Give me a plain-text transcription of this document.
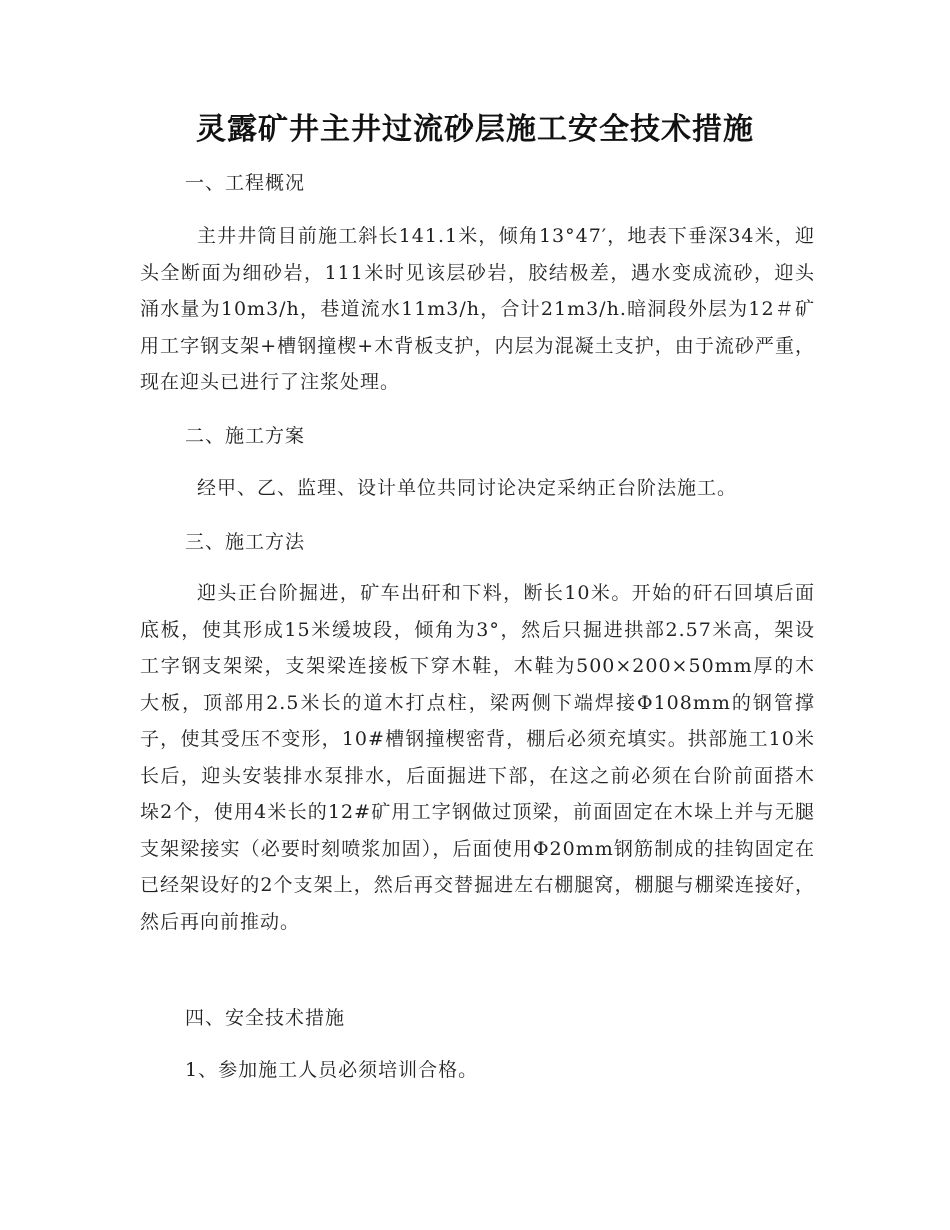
灵露矿井主井过流砂层施工安全技术措施
一、工程概况
主井井筒目前施工斜长141.1米，倾角13°47′，地表下垂深34米，迎头全断面为细砂岩，111米时见该层砂岩，胶结极差，遇水变成流砂，迎头涌水量为10m3/h，巷道流水11m3/h，合计21m3/h.暗洞段外层为12＃矿用工字钢支架+槽钢撞楔+木背板支护，内层为混凝土支护，由于流砂严重，现在迎头已进行了注浆处理。
二、施工方案
经甲、乙、监理、设计单位共同讨论决定采纳正台阶法施工。
三、施工方法
迎头正台阶掘进，矿车出矸和下料，断长10米。开始的矸石回填后面底板，使其形成15米缓坡段，倾角为3°，然后只掘进拱部2.57米高，架设工字钢支架梁，支架梁连接板下穿木鞋，木鞋为500×200×50mm厚的木大板，顶部用2.5米长的道木打点柱，梁两侧下端焊接Φ108mm的钢管撑子，使其受压不变形，10#槽钢撞楔密背，棚后必须充填实。拱部施工10米长后，迎头安装排水泵排水，后面掘进下部，在这之前必须在台阶前面搭木垛2个，使用4米长的12#矿用工字钢做过顶梁，前面固定在木垛上并与无腿支架梁接实（必要时刻喷浆加固），后面使用Φ20mm钢筋制成的挂钩固定在已经架设好的2个支架上，然后再交替掘进左右棚腿窝，棚腿与棚梁连接好，然后再向前推动。
四、安全技术措施
1、参加施工人员必须培训合格。
